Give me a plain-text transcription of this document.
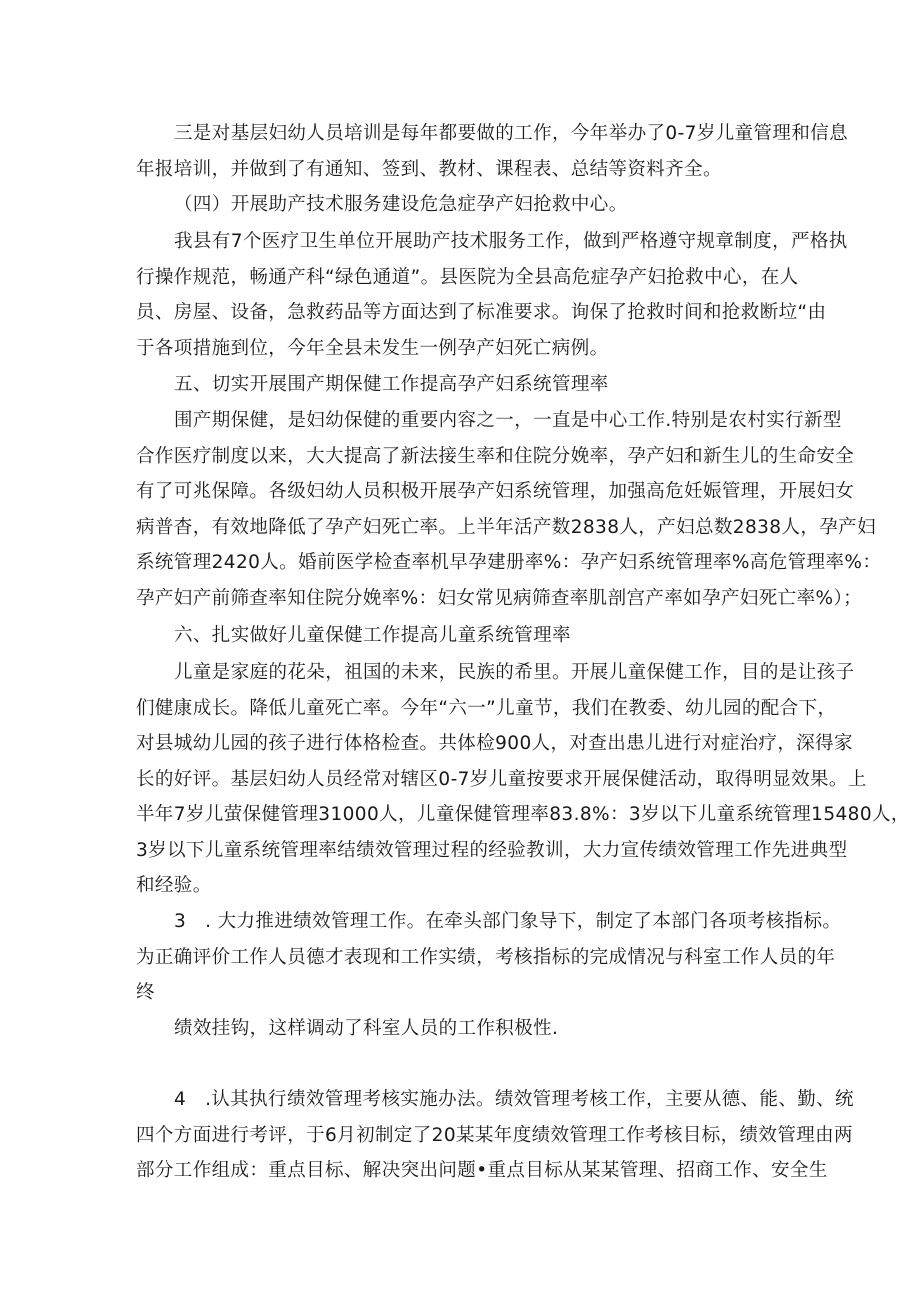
三是对基层妇幼人员培训是每年都要做的工作，今年举办了0-7岁儿童管理和信息
年报培训，并做到了有通知、签到、教材、课程表、总结等资料齐全。
（四）开展助产技术服务建设危急症孕产妇抢救中心。
我县有7个医疗卫生单位开展助产技术服务工作，做到严格遵守规章制度，严格执
行操作规范，畅通产科“绿色通道”。县医院为全县高危症孕产妇抢救中心，在人
员、房屋、设备，急救药品等方面达到了标准要求。询保了抢救时间和抢救断垃“由
于各项措施到位，今年全县未发生一例孕产妇死亡病例。
五、切实开展围产期保健工作提高孕产妇系统管理率
围产期保健，是妇幼保健的重要内容之一，一直是中心工作.特别是农村实行新型
合作医疗制度以来，大大提高了新法接生率和住院分娩率，孕产妇和新生儿的生命安全
有了可兆保障。各级妇幼人员积极开展孕产妇系统管理，加强高危妊娠管理，开展妇女
病普杳，有效地降低了孕产妇死亡率。上半年活产数2838人，产妇总数2838人，孕产妇
系统管理2420人。婚前医学检查率机早孕建册率%：孕产妇系统管理率%高危管理率%：
孕产妇产前筛查率知住院分娩率%：妇女常见病筛查率肌剖宫产率如孕产妇死亡率%）；
六、扎实做好儿童保健工作提高儿童系统管理率
儿童是家庭的花朵，祖国的未来，民族的希里。开展儿童保健工作，目的是让孩子
们健康成长。降低儿童死亡率。今年“六一”儿童节，我们在教委、幼儿园的配合下，
对县城幼儿园的孩子进行体格检查。共体检900人，对查出患儿进行对症治疗，深得家
长的好评。基层妇幼人员经常对辖区0-7岁儿童按要求开展保健活动，取得明显效果。上
半年7岁儿萤保健管理31000人，儿童保健管理率83.8%：3岁以下儿童系统管理15480人，
3岁以下儿童系统管理率结绩效管理过程的经验教训，大力宣传绩效管理工作先进典型
和经验。
3　. 大力推进绩效管理工作。在牵头部门象导下，制定了本部门各项考核指标。
为正确评价工作人员德才表现和工作实绩，考核指标的完成情况与科室工作人员的年
终
绩效挂钩，这样调动了科室人员的工作积极性.
4　.认其执行绩效管理考核实施办法。绩效管理考核工作，主要从德、能、勤、统
四个方面进行考评，于6月初制定了20某某年度绩效管理工作考核目标，绩效管理由两
部分工作组成：重点目标、解决突出问题•重点目标从某某管理、招商工作、安全生
